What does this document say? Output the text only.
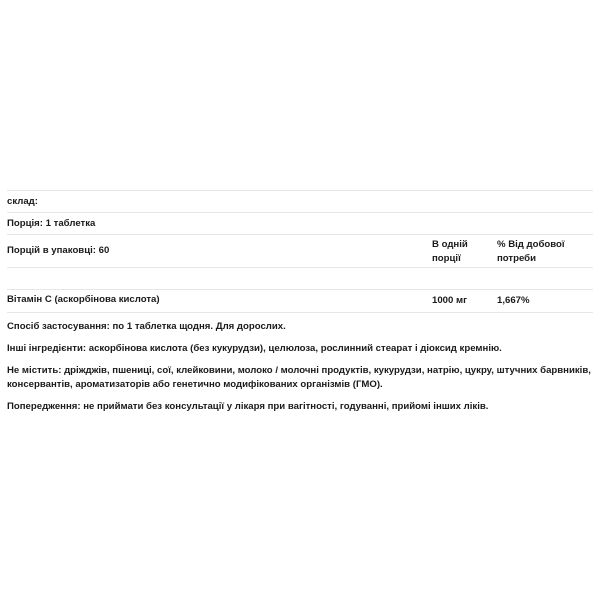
склад:
Порція: 1 таблетка
Порцій в упаковці: 60
В одній
порції
% Від добової
потреби
Вітамін С (аскорбінова кислота)	1000 мг	1,667%

Спосіб застосування: по 1 таблетка щодня. Для дорослих.

Інші інгредієнти: аскорбінова кислота (без кукурудзи), целюлоза, рослинний стеарат і діоксид кремнію.

Не містить: дріжджів, пшениці, сої, клейковини, молоко / молочні продуктів, кукурудзи, натрію, цукру, штучних барвників, консервантів, ароматизаторів або генетично модифікованих організмів (ГМО).

Попередження: не приймати без консультації у лікаря при вагітності, годуванні, прийомі інших ліків.
